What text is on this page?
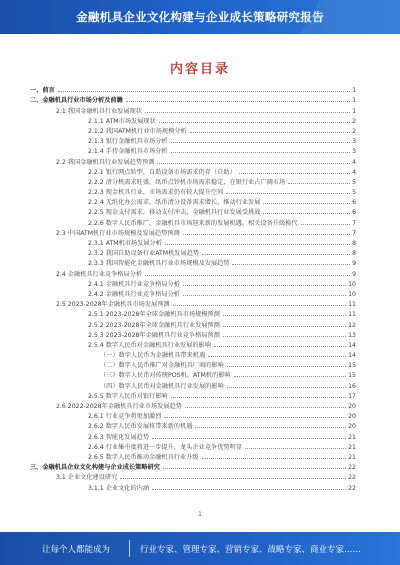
金融机具企业文化构建与企业成长策略研究报告
内容目录
一、前言	1
二、金融机具行业市场分析及前瞻	1
2.1 我国金融机具行业发展现状	1
2.1.1 ATM市场发展现状	2
2.1.2 我国ATM机行业市场规模分析	2
2.1.3 银行金融机具市场分析	3
2.1.4 手持金融机具市场分析	3
2.2 我国金融机具行业发展趋势预测	4
2.2.1 银行网点转型，自助设备市场需求仍存（自助）	4
2.2.2 清分机需求旺盛，纸币点钞机市场需求稳定，在银行业占广阔市场	5
2.2.3 现金机具行业，市场需求仍有较大提升空间	5
2.2.4 无纸化办公需求，纸币清分设备需求增长，推动行业发展	6
2.2.5 现金支付需求，移动支付冲击，金融机具行业发展受挑战	6
2.2.6 数字人民币推广，金融机具市场迎来新的发展机遇，相关设备升级换代	7
2.3 中国ATM机行业市场规模及发展趋势预测	7
2.3.1 ATM机市场发展分析	8
2.3.2 我国自助设备行业ATM机发展趋势	8
2.3.3 我国智能化金融机具行业市场规模及发展趋势	9
2.4 金融机具行业竞争格局分析	9
2.4.1 金融机具行业竞争格局分析	10
2.4.2 金融机具行业竞争格局分析	10
2.5 2023-2028年金融机具市场发展预测	11
2.5.1 2023-2028年全球金融机具市场规模预测	11
2.5.2 2023-2028年全球金融机具行业发展预测	12
2.5.3 2023-2028年金融机具行业竞争格局预测	13
2.5.4 数字人民币对金融机具行业发展的影响	14
（一）数字人民币为金融机具带来机遇	14
（二）数字人民币推广对金融机具厂商的影响	15
（三）数字人民币对传统POS机、ATM机的影响	15
（四）数字人民币对金融机具行业发展的影响	16
2.5.5 数字人民币对银行影响	17
2.6 2022-2028年金融机具行业市场发展趋势	20
2.6.1 行业竞争将更加激烈	20
2.6.2 数字人民币发展将带来新的机遇	20
2.6.3 智能化发展趋势	21
2.6.4 行业集中度将进一步提升，龙头企业竞争优势明显	21
2.6.5 数字人民币推动金融机具行业升级	21
三、金融机具企业文化构建与企业成长策略研究	22
3.1 企业文化建设研究	22
3.1.1 企业文化的内涵	22
1
让每个人都能成为	行业专家、管理专家、营销专家、战略专家、商业专家……
